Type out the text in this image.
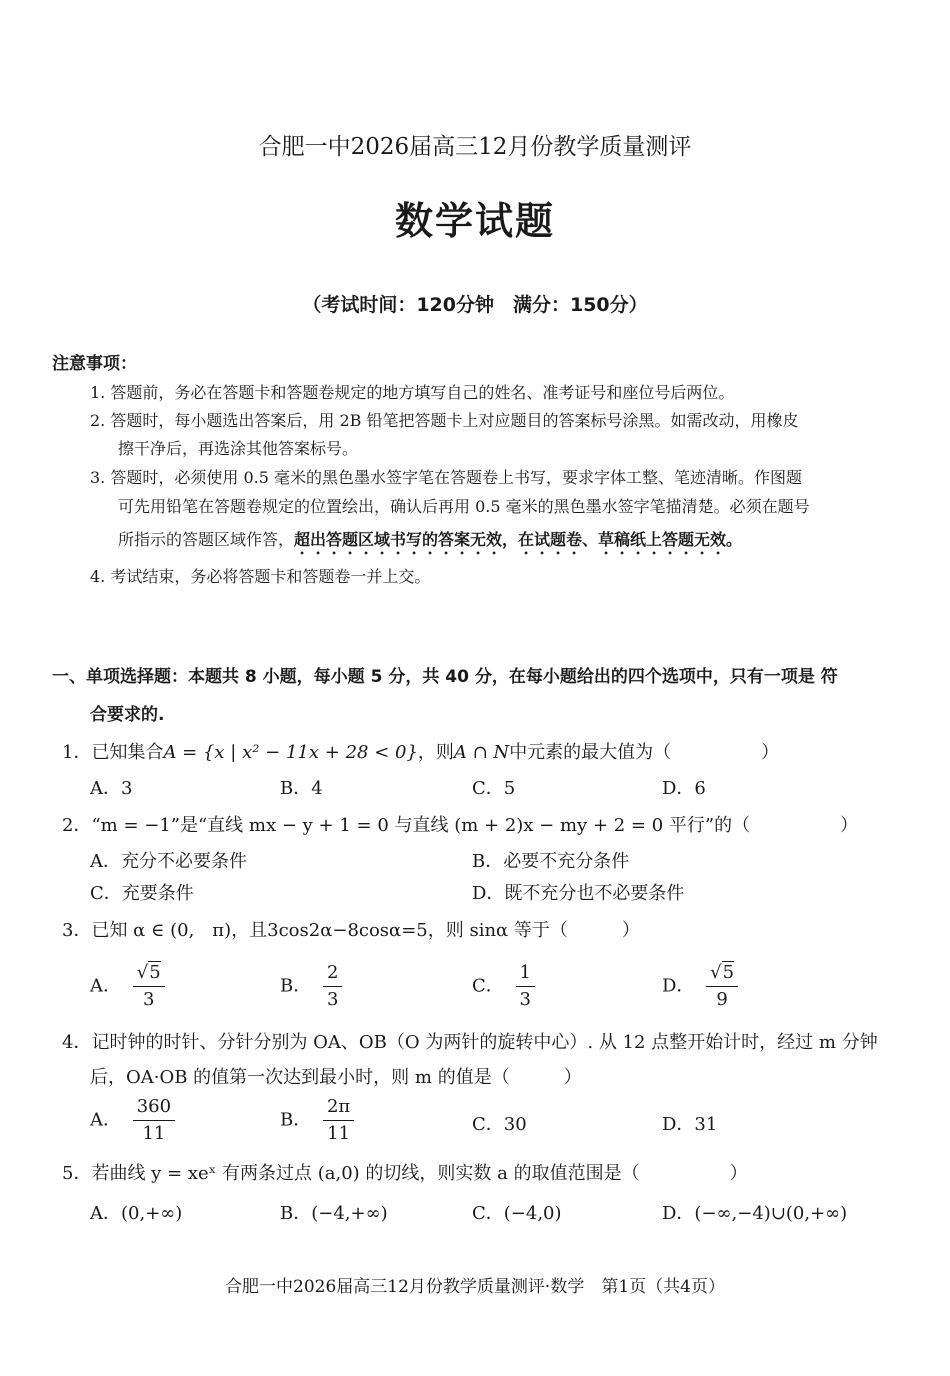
合肥一中2026届高三12月份教学质量测评
数学试题
（考试时间：120分钟　满分：150分）
注意事项：
1. 答题前，务必在答题卡和答题卷规定的地方填写自己的姓名、准考证号和座位号后两位。
2. 答题时，每小题选出答案后，用 2B 铅笔把答题卡上对应题目的答案标号涂黑。如需改动，用橡皮
擦干净后，再选涂其他答案标号。
3. 答题时，必须使用 0.5 毫米的黑色墨水签字笔在答题卷上书写，要求字体工整、笔迹清晰。作图题
可先用铅笔在答题卷规定的位置绘出，确认后再用 0.5 毫米的黑色墨水签字笔描清楚。必须在题号
所指示的答题区域作答，超出答题区域书写的答案无效，在试题卷、草稿纸上答题无效。
4. 考试结束，务必将答题卡和答题卷一并上交。
一、单项选择题：本题共 8 小题，每小题 5 分，共 40 分，在每小题给出的四个选项中，只有一项是 符
合要求的.
1．已知集合A = {x | x² − 11x + 28 < 0}，则A ∩ N中元素的最大值为（　　　　　）
A．3	B．4	C．5	D．6
2．“m = −1”是“直线 mx − y + 1 = 0 与直线 (m + 2)x − my + 2 = 0 平行”的（　　　　　）
A．充分不必要条件	B．必要不充分条件
C．充要条件	D．既不充分也不必要条件
3．已知 α ∈ (0,　π)，且3cos2α−8cosα=5，则 sinα 等于（　　　）
A． $\frac{√5}{3}$	B． $\frac{2}{3}$	C． $\frac{1}{3}$	D． $\frac{√5}{9}$
4．记时钟的时针、分针分别为 OA、OB（O 为两针的旋转中心）. 从 12 点整开始计时，经过 m 分钟
后，OA·OB 的值第一次达到最小时，则 m 的值是（　　　）
A． $\frac{360}{11}$	B． $\frac{2\pi}{11}$	C．30	D．31
5．若曲线 y = xeˣ 有两条过点 (a,0) 的切线，则实数 a 的取值范围是（　　　　　）
A．(0,+∞)	B．(−4,+∞)	C．(−4,0)	D．(−∞,−4)∪(0,+∞)
合肥一中2026届高三12月份教学质量测评·数学　第1页（共4页）
